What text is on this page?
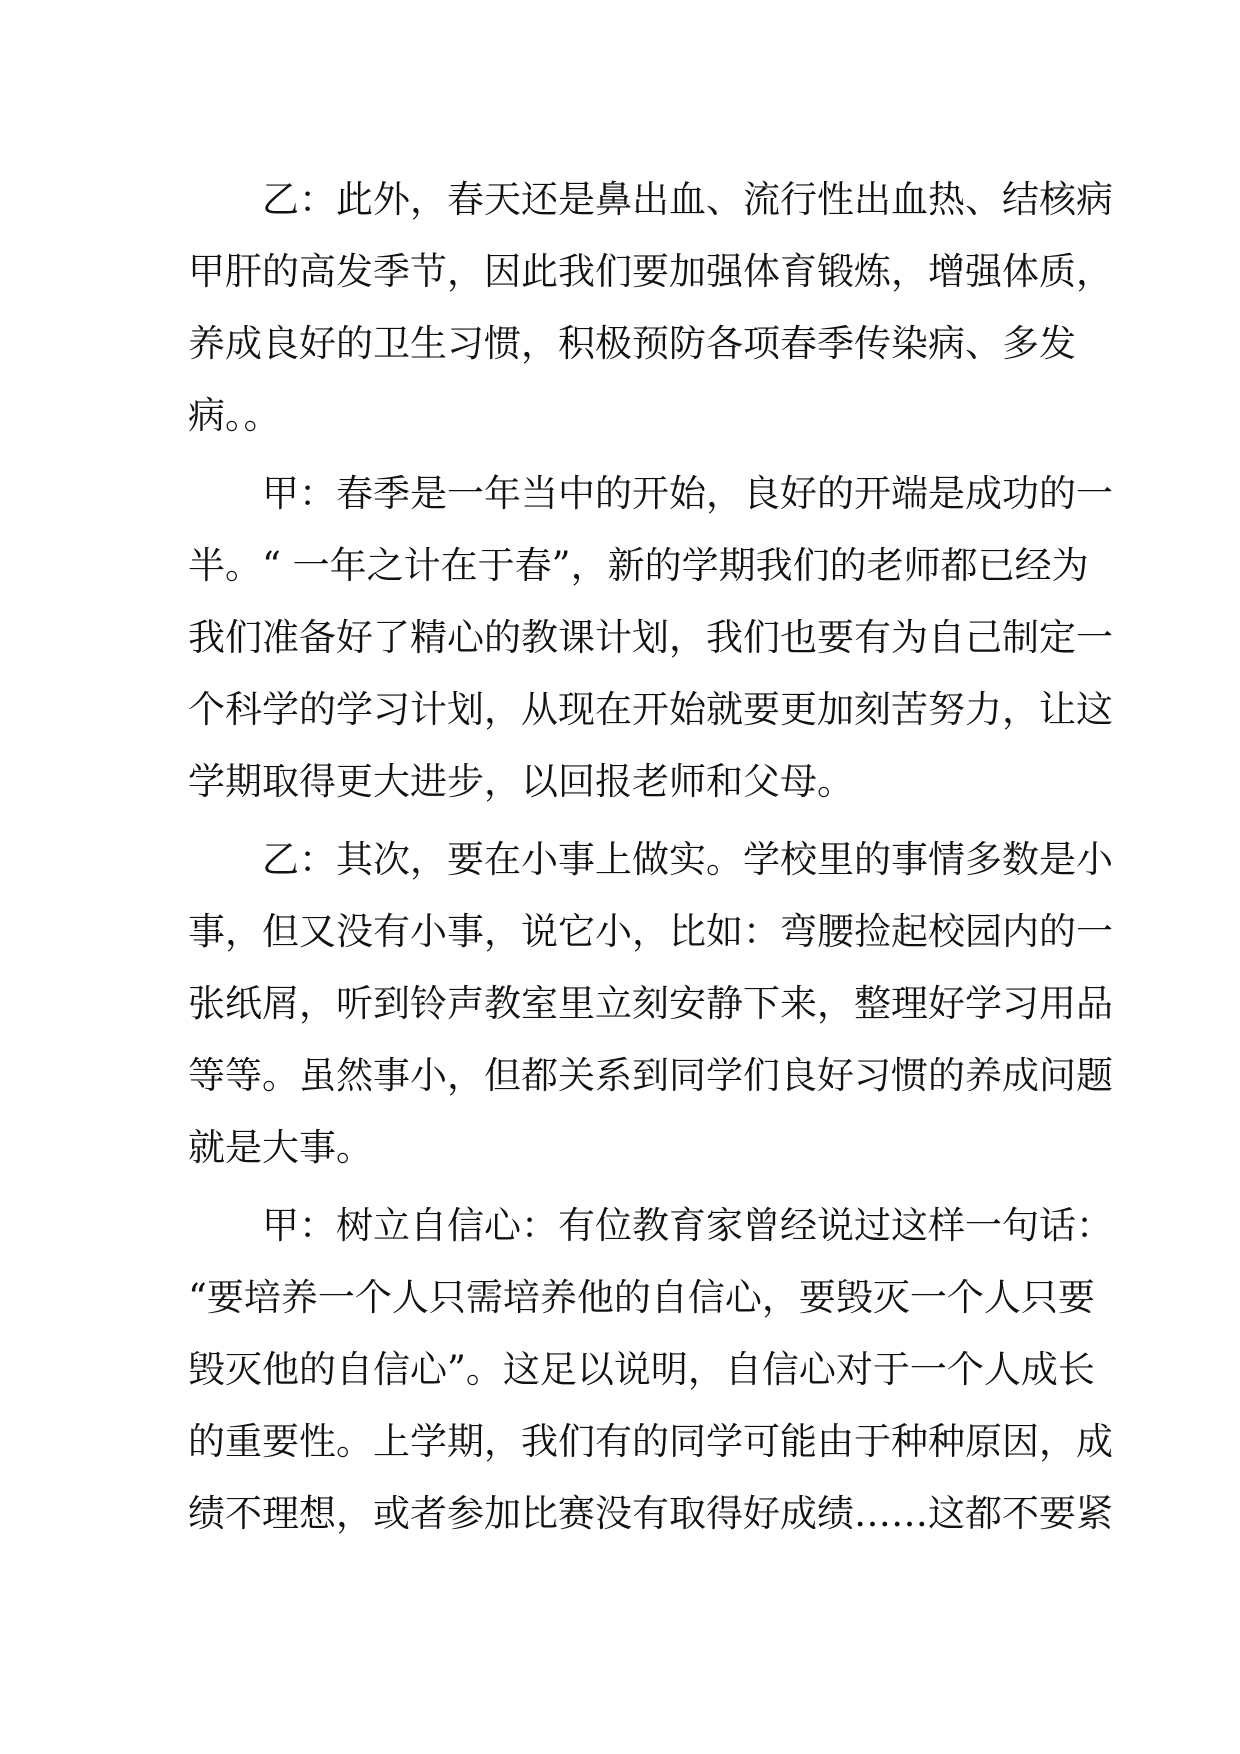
乙：此外，春天还是鼻出血、流行性出血热、结核病
甲肝的高发季节，因此我们要加强体育锻炼，增强体质，
养成良好的卫生习惯，积极预防各项春季传染病、多发
病。。
甲：春季是一年当中的开始，良好的开端是成功的一
半。“ 一年之计在于春”，新的学期我们的老师都已经为
我们准备好了精心的教课计划，我们也要有为自己制定一
个科学的学习计划，从现在开始就要更加刻苦努力，让这
学期取得更大进步，以回报老师和父母。
乙：其次，要在小事上做实。学校里的事情多数是小
事，但又没有小事，说它小，比如：弯腰捡起校园内的一
张纸屑，听到铃声教室里立刻安静下来，整理好学习用品
等等。虽然事小，但都关系到同学们良好习惯的养成问题
就是大事。
甲：树立自信心：有位教育家曾经说过这样一句话：
“要培养一个人只需培养他的自信心，要毁灭一个人只要
毁灭他的自信心”。这足以说明，自信心对于一个人成长
的重要性。上学期，我们有的同学可能由于种种原因，成
绩不理想，或者参加比赛没有取得好成绩……这都不要紧
